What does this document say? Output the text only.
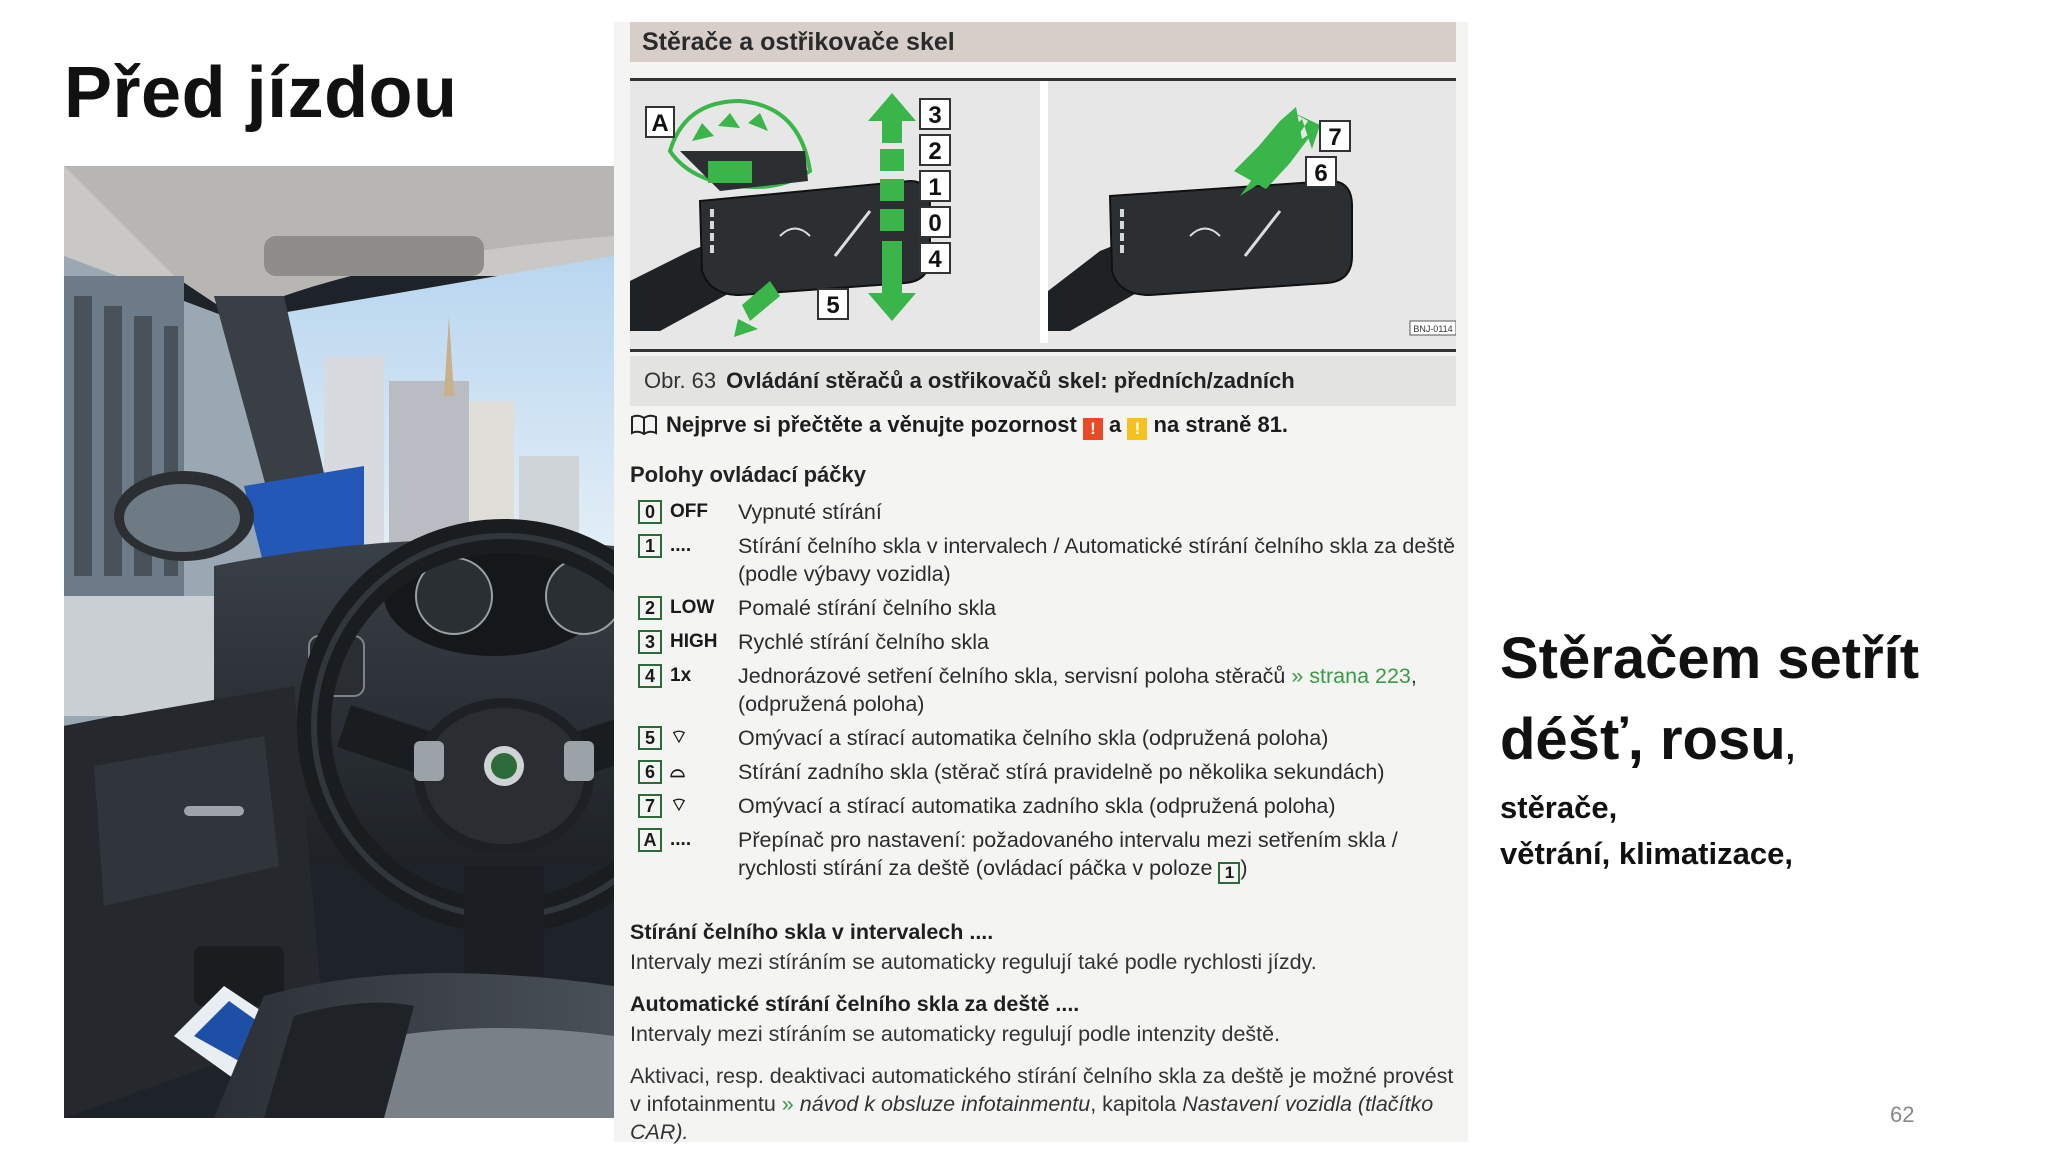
Před jízdou
Stěrače a ostřikovače skel
A	3
2
1
0
4
5
7
6
BNJ-0114
Obr. 63 Ovládání stěračů a ostřikovačů skel: předních/zadních
Nejprve si přečtěte a věnujte pozornost ! a ! na straně 81.
Polohy ovládací páčky
0 OFF	Vypnuté stírání
1 ....	Stírání čelního skla v intervalech / Automatické stírání čelního skla za deště (podle výbavy vozidla)
2 LOW	Pomalé stírání čelního skla
3 HIGH Rychlé stírání čelního skla
4 1x	Jednorázové setření čelního skla, servisní poloha stěračů » strana 223, (odpružená poloha)
5 ⌔	Omývací a stírací automatika čelního skla (odpružená poloha)
6 ⌓	Stírání zadního skla (stěrač stírá pravidelně po několika sekundách)
7 ⌔	Omývací a stírací automatika zadního skla (odpružená poloha)
A ....	Přepínač pro nastavení: požadovaného intervalu mezi setřením skla / rychlosti stírání za deště (ovládací páčka v poloze 1 )
Stírání čelního skla v intervalech ....
Intervaly mezi stíráním se automaticky regulují také podle rychlosti jízdy.
Automatické stírání čelního skla za deště ....
Intervaly mezi stíráním se automaticky regulují podle intenzity deště.
Aktivaci, resp. deaktivaci automatického stírání čelního skla za deště je možné provést v infotainmentu » návod k obsluze infotainmentu, kapitola Nastavení vozidla (tlačítko CAR).
Stěračem setřít
déšť, rosu,
stěrače,
větrání, klimatizace,
62
